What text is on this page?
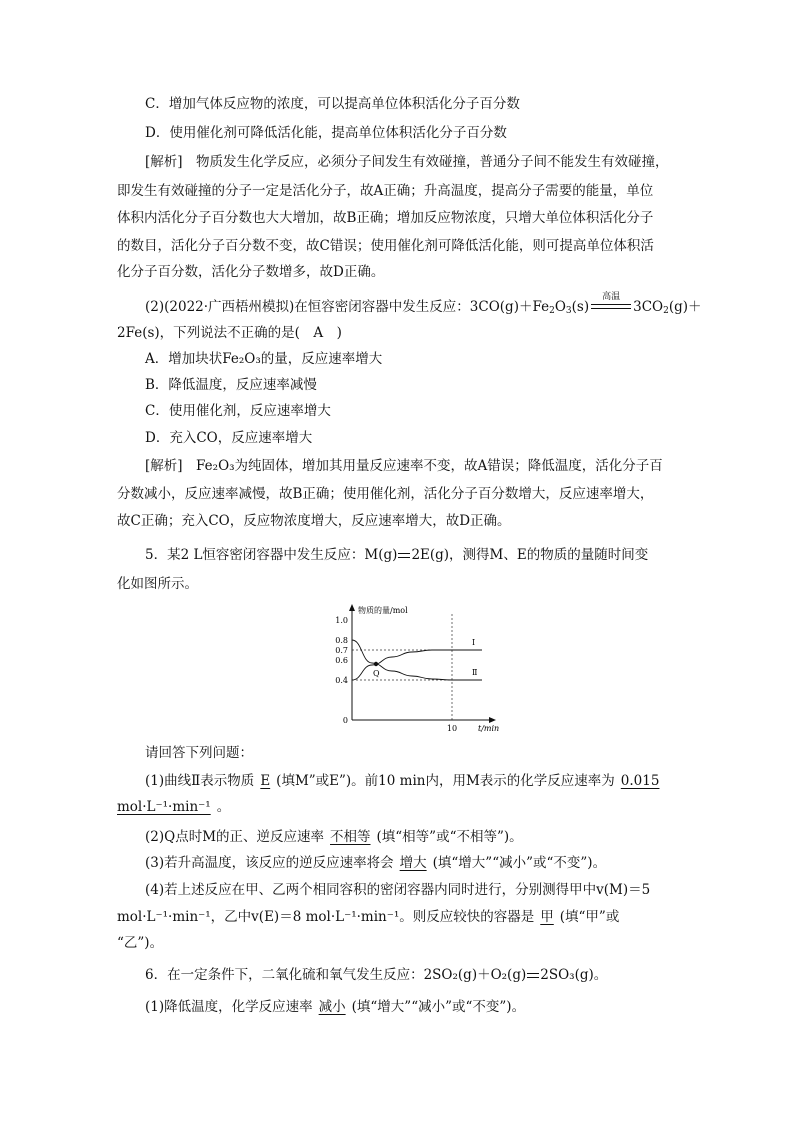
C．增加气体反应物的浓度，可以提高单位体积活化分子百分数
D．使用催化剂可降低活化能，提高单位体积活化分子百分数
[解析]　物质发生化学反应，必须分子间发生有效碰撞，普通分子间不能发生有效碰撞，
即发生有效碰撞的分子一定是活化分子，故A正确；升高温度，提高分子需要的能量，单位
体积内活化分子百分数也大大增加，故B正确；增加反应物浓度，只增大单位体积活化分子
的数目，活化分子百分数不变，故C错误；使用催化剂可降低活化能，则可提高单位体积活
化分子百分数，活化分子数增多，故D正确。
(2)(2022·广西梧州模拟)在恒容密闭容器中发生反应：$3CO(g)+Fe_2O_3(s)$
高温
$3CO_2(g)+$
2Fe(s)，下列说法不正确的是(　A　)
A．增加块状Fe₂O₃的量，反应速率增大
B．降低温度，反应速率减慢
C．使用催化剂，反应速率增大
D．充入CO，反应速率增大
[解析]　Fe₂O₃为纯固体，增加其用量反应速率不变，故A错误；降低温度，活化分子百
分数减小，反应速率减慢，故B正确；使用催化剂，活化分子百分数增大，反应速率增大，
故C正确；充入CO，反应物浓度增大，反应速率增大，故D正确。
5．某2 L恒容密闭容器中发生反应：M(g) 2E(g)，测得M、E的物质的量随时间变
化如图所示。
1.0
0.8
0.7
0.6
0.4
0
10
物质的量/mol
t/min
Ⅰ
Ⅱ
Q
请回答下列问题：
(1)曲线Ⅱ表示物质 E (填M”或E”)。前10 min内，用M表示的化学反应速率为 0.015
mol·L⁻¹·min⁻¹ 。
(2)Q点时M的正、逆反应速率 不相等 (填“相等”或“不相等”)。
(3)若升高温度，该反应的逆反应速率将会 增大 (填“增大”“减小”或“不变”)。
(4)若上述反应在甲、乙两个相同容积的密闭容器内同时进行，分别测得甲中v(M)＝5
mol·L⁻¹·min⁻¹，乙中v(E)＝8 mol·L⁻¹·min⁻¹。则反应较快的容器是 甲 (填“甲”或
“乙”)。
6．在一定条件下，二氧化硫和氧气发生反应：2SO₂(g)＋O₂(g) 2SO₃(g)。
(1)降低温度，化学反应速率 减小 (填“增大”“减小”或“不变”)。
